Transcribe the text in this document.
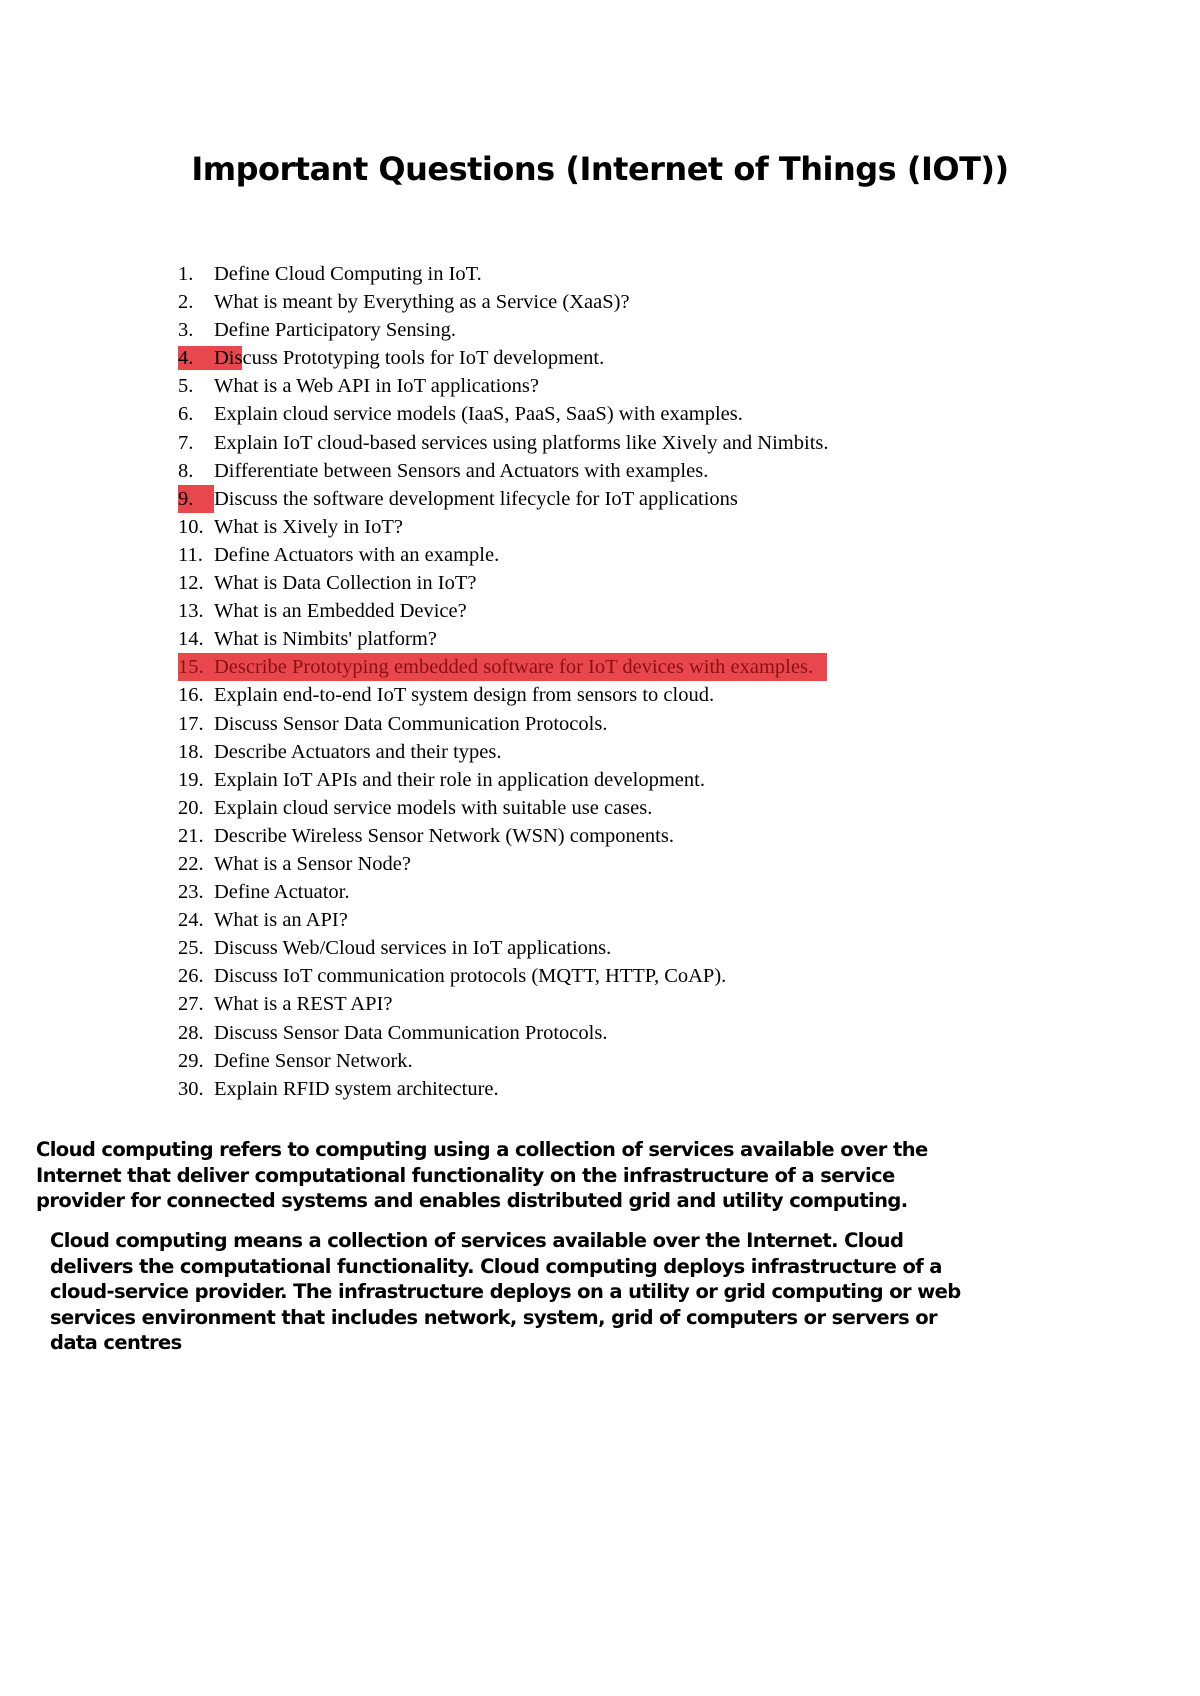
Important Questions (Internet of Things (IOT))
1. Define Cloud Computing in IoT.
2. What is meant by Everything as a Service (XaaS)?
3. Define Participatory Sensing.
4. Discuss Prototyping tools for IoT development.
5. What is a Web API in IoT applications?
6. Explain cloud service models (IaaS, PaaS, SaaS) with examples.
7. Explain IoT cloud-based services using platforms like Xively and Nimbits.
8. Differentiate between Sensors and Actuators with examples.
9. Discuss the software development lifecycle for IoT applications
10. What is Xively in IoT?
11. Define Actuators with an example.
12. What is Data Collection in IoT?
13. What is an Embedded Device?
14. What is Nimbits' platform?
15. Describe Prototyping embedded software for IoT devices with examples.
16. Explain end-to-end IoT system design from sensors to cloud.
17. Discuss Sensor Data Communication Protocols.
18. Describe Actuators and their types.
19. Explain IoT APIs and their role in application development.
20. Explain cloud service models with suitable use cases.
21. Describe Wireless Sensor Network (WSN) components.
22. What is a Sensor Node?
23. Define Actuator.
24. What is an API?
25. Discuss Web/Cloud services in IoT applications.
26. Discuss IoT communication protocols (MQTT, HTTP, CoAP).
27. What is a REST API?
28. Discuss Sensor Data Communication Protocols.
29. Define Sensor Network.
30. Explain RFID system architecture.

Cloud computing refers to computing using a collection of services available over the Internet that deliver computational functionality on the infrastructure of a service provider for connected systems and enables distributed grid and utility computing.

Cloud computing means a collection of services available over the Internet. Cloud delivers the computational functionality. Cloud computing deploys infrastructure of a cloud-service provider. The infrastructure deploys on a utility or grid computing or web services environment that includes network, system, grid of computers or servers or data centres
